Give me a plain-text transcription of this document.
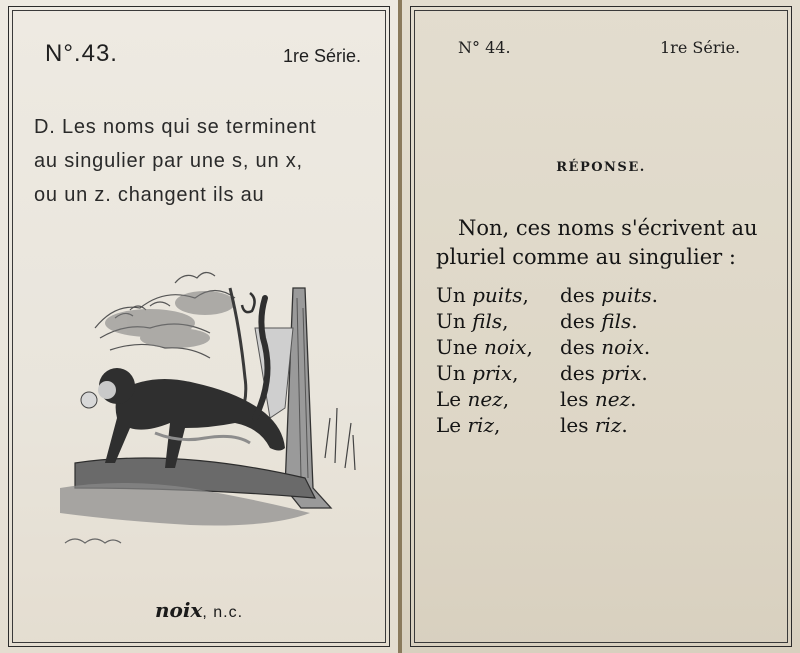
N°.43.	1re Série.
D. Les noms qui se terminent
au singulier par une s, un x,
ou un z. changent ils au
noix, n.c.
N° 44.	1re Série.
RÉPONSE.
Non, ces noms s'écrivent au
pluriel comme au singulier :
Un puits, des puits.
Un fils,	des fils.
Une noix, des noix.
Un prix, des prix.
Le nez,	les nez.
Le riz,	les riz.
